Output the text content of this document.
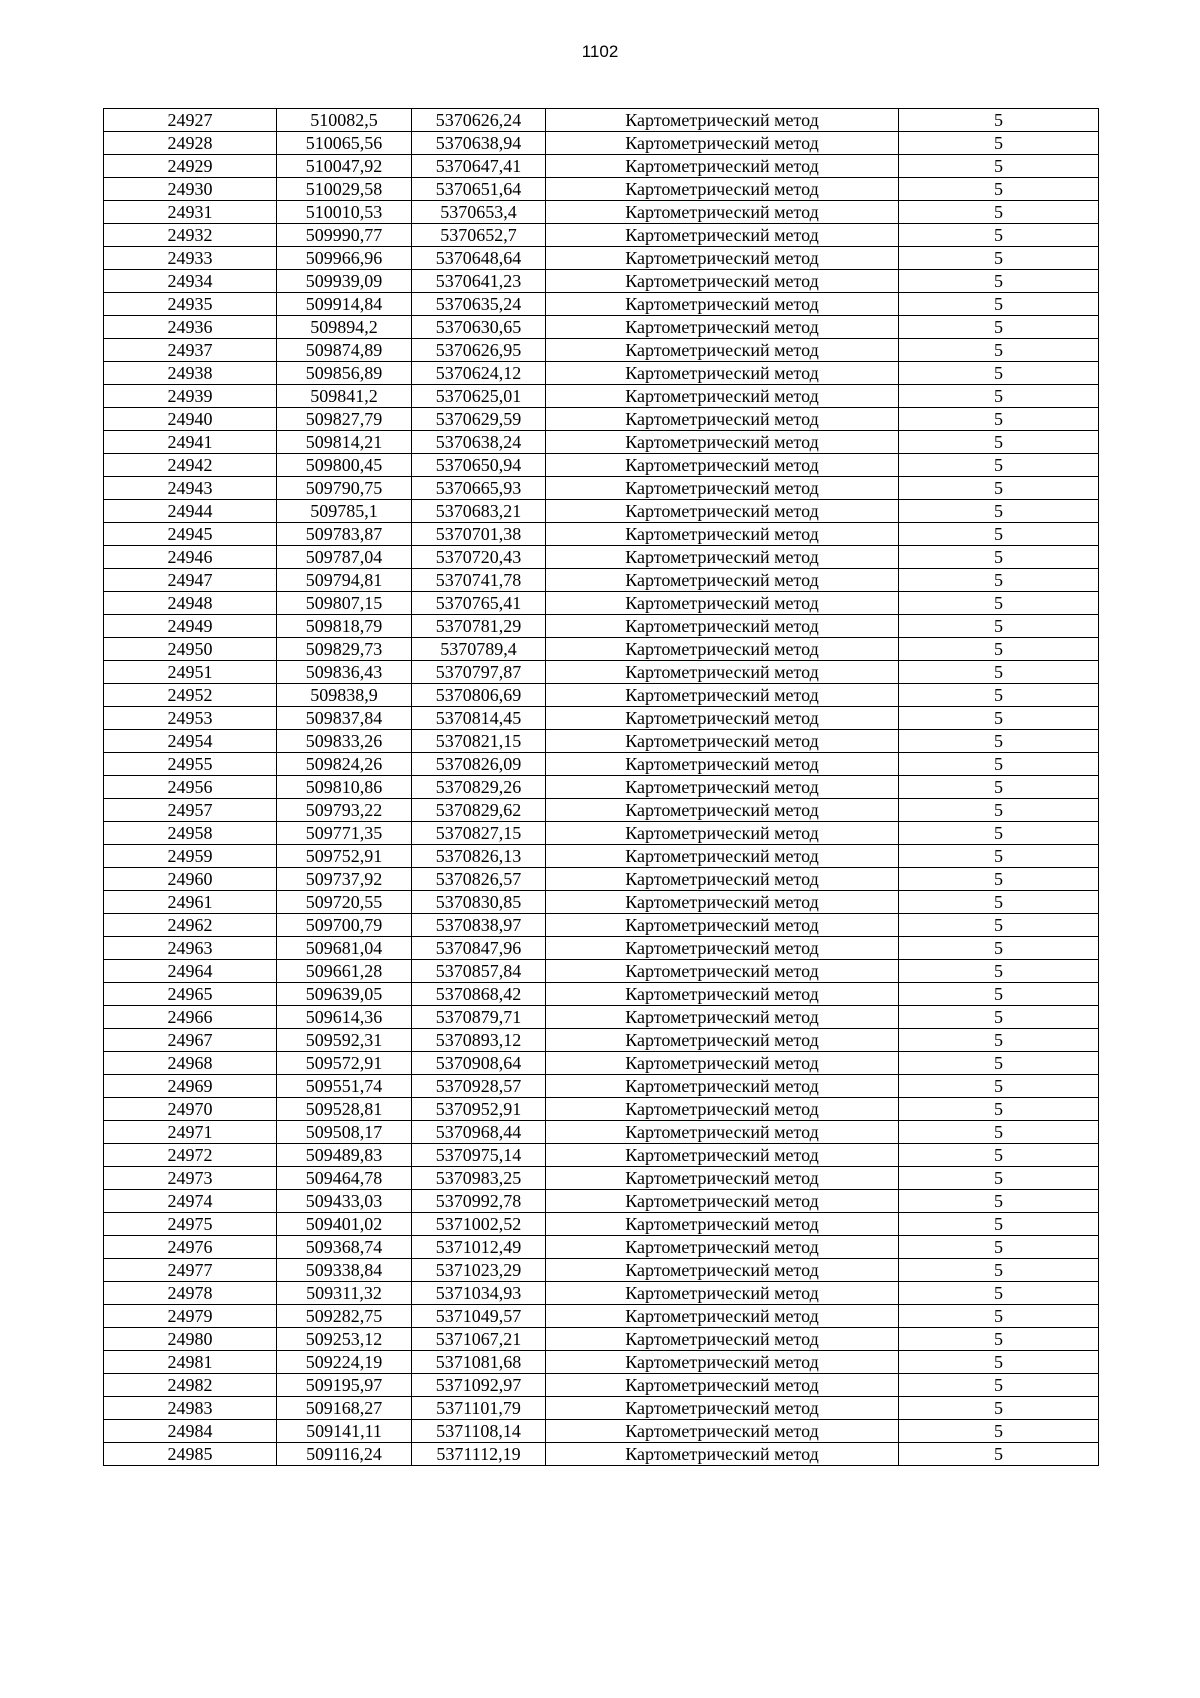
1102
24927	510082,5	5370626,24	Картометрический метод	5
24928	510065,56	5370638,94	Картометрический метод	5
24929	510047,92	5370647,41	Картометрический метод	5
24930	510029,58	5370651,64	Картометрический метод	5
24931	510010,53	5370653,4	Картометрический метод	5
24932	509990,77	5370652,7	Картометрический метод	5
24933	509966,96	5370648,64	Картометрический метод	5
24934	509939,09	5370641,23	Картометрический метод	5
24935	509914,84	5370635,24	Картометрический метод	5
24936	509894,2	5370630,65	Картометрический метод	5
24937	509874,89	5370626,95	Картометрический метод	5
24938	509856,89	5370624,12	Картометрический метод	5
24939	509841,2	5370625,01	Картометрический метод	5
24940	509827,79	5370629,59	Картометрический метод	5
24941	509814,21	5370638,24	Картометрический метод	5
24942	509800,45	5370650,94	Картометрический метод	5
24943	509790,75	5370665,93	Картометрический метод	5
24944	509785,1	5370683,21	Картометрический метод	5
24945	509783,87	5370701,38	Картометрический метод	5
24946	509787,04	5370720,43	Картометрический метод	5
24947	509794,81	5370741,78	Картометрический метод	5
24948	509807,15	5370765,41	Картометрический метод	5
24949	509818,79	5370781,29	Картометрический метод	5
24950	509829,73	5370789,4	Картометрический метод	5
24951	509836,43	5370797,87	Картометрический метод	5
24952	509838,9	5370806,69	Картометрический метод	5
24953	509837,84	5370814,45	Картометрический метод	5
24954	509833,26	5370821,15	Картометрический метод	5
24955	509824,26	5370826,09	Картометрический метод	5
24956	509810,86	5370829,26	Картометрический метод	5
24957	509793,22	5370829,62	Картометрический метод	5
24958	509771,35	5370827,15	Картометрический метод	5
24959	509752,91	5370826,13	Картометрический метод	5
24960	509737,92	5370826,57	Картометрический метод	5
24961	509720,55	5370830,85	Картометрический метод	5
24962	509700,79	5370838,97	Картометрический метод	5
24963	509681,04	5370847,96	Картометрический метод	5
24964	509661,28	5370857,84	Картометрический метод	5
24965	509639,05	5370868,42	Картометрический метод	5
24966	509614,36	5370879,71	Картометрический метод	5
24967	509592,31	5370893,12	Картометрический метод	5
24968	509572,91	5370908,64	Картометрический метод	5
24969	509551,74	5370928,57	Картометрический метод	5
24970	509528,81	5370952,91	Картометрический метод	5
24971	509508,17	5370968,44	Картометрический метод	5
24972	509489,83	5370975,14	Картометрический метод	5
24973	509464,78	5370983,25	Картометрический метод	5
24974	509433,03	5370992,78	Картометрический метод	5
24975	509401,02	5371002,52	Картометрический метод	5
24976	509368,74	5371012,49	Картометрический метод	5
24977	509338,84	5371023,29	Картометрический метод	5
24978	509311,32	5371034,93	Картометрический метод	5
24979	509282,75	5371049,57	Картометрический метод	5
24980	509253,12	5371067,21	Картометрический метод	5
24981	509224,19	5371081,68	Картометрический метод	5
24982	509195,97	5371092,97	Картометрический метод	5
24983	509168,27	5371101,79	Картометрический метод	5
24984	509141,11	5371108,14	Картометрический метод	5
24985	509116,24	5371112,19	Картометрический метод	5
